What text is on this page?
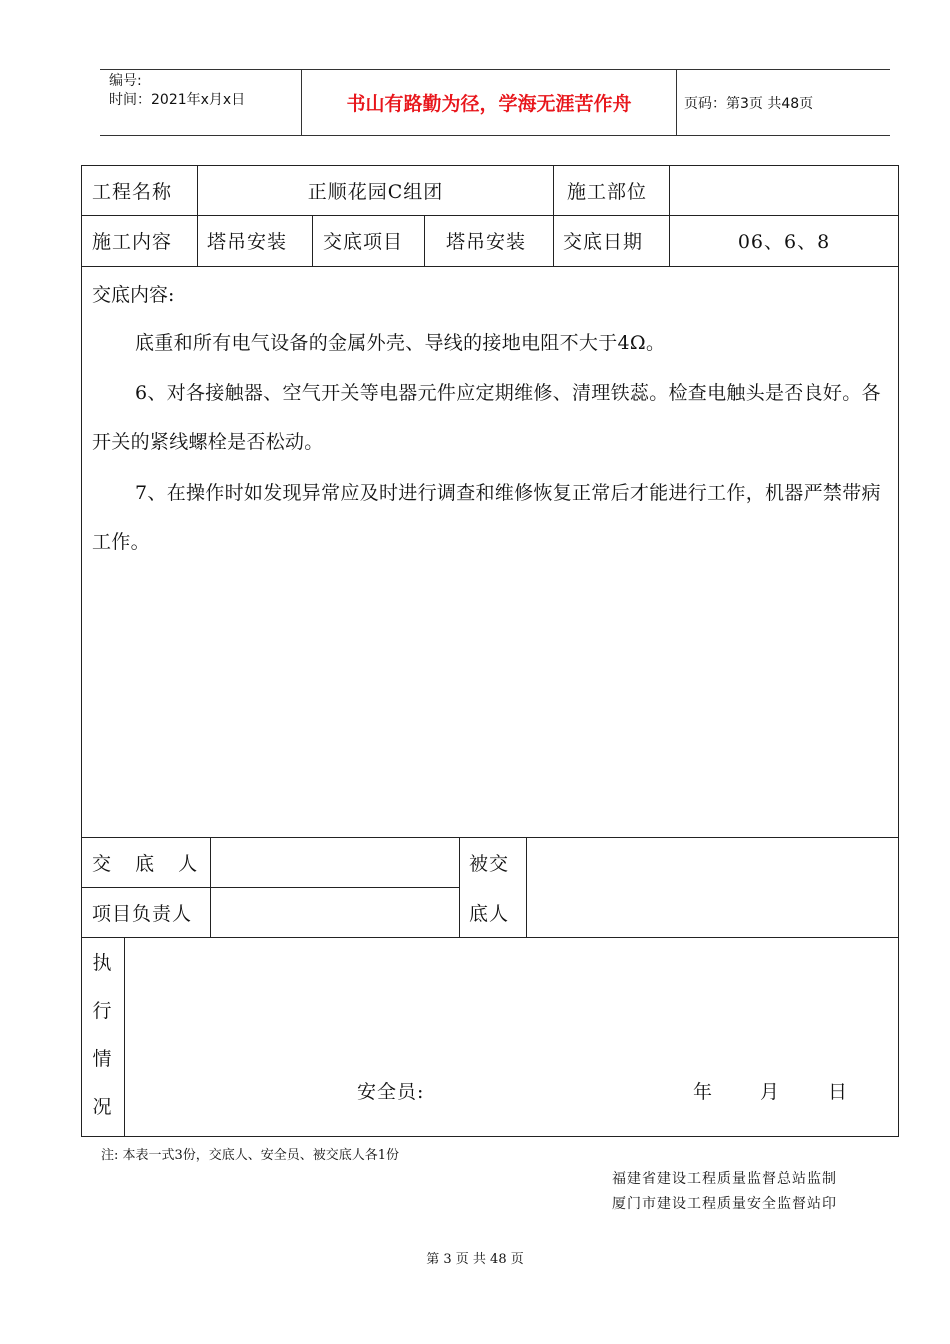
编号:
时间：2021年x月x日	书山有路勤为径，学海无涯苦作舟	页码：第3页 共48页
工程名称	正顺花园C组团	施工部位
施工内容 塔吊安装 交底项目 塔吊安装 交底日期	06、6、8
交底内容:
底重和所有电气设备的金属外壳、导线的接地电阻不大于4Ω。
6、对各接触器、空气开关等电器元件应定期维修、清理铁蕊。检查电触头是否良好。各开关的紧线螺栓是否松动。
7、在操作时如发现异常应及时进行调查和维修恢复正常后才能进行工作，机器严禁带病工作。
交  底  人
项目负责人
被交
底人
执
行
情
况
安全员:	年 月	日
注: 本表一式3份，交底人、安全员、被交底人各1份
福建省建设工程质量监督总站监制
厦门市建设工程质量安全监督站印
第 3 页 共 48 页
